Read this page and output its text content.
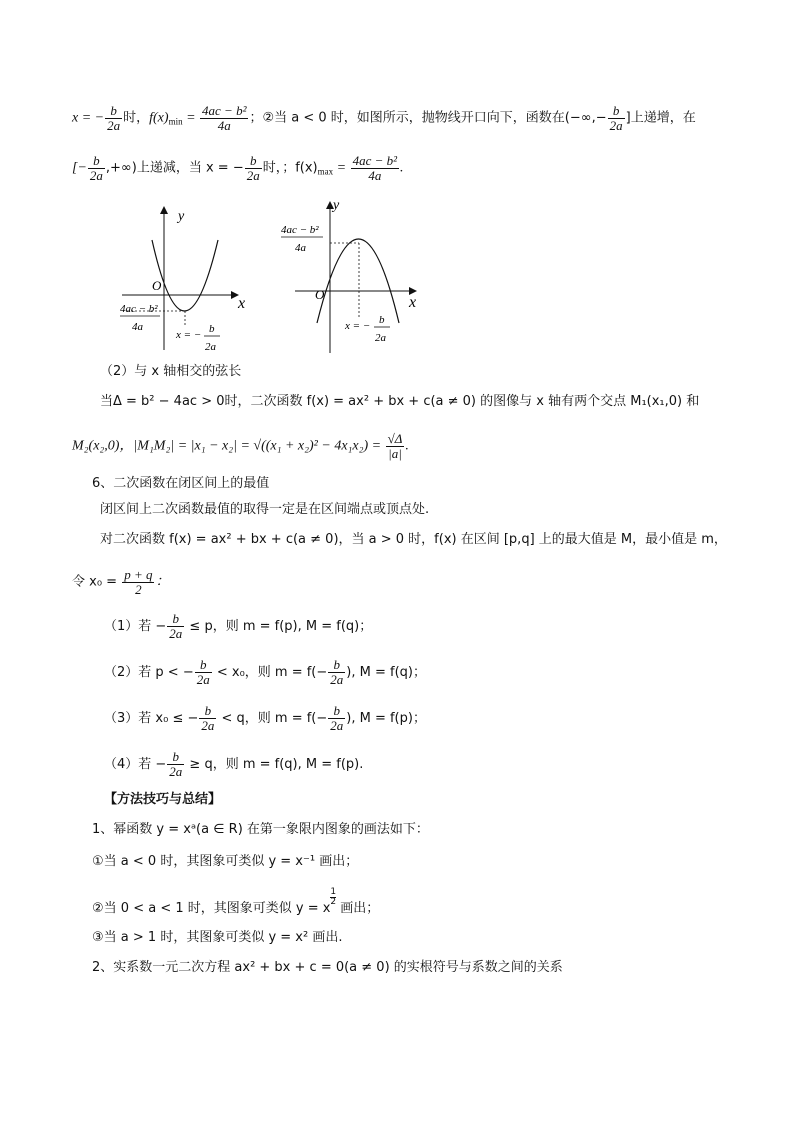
x = − $\frac{b}{2a}$ 时，$f(x)_{min} = \frac{\text{4ac − b²}}{4a}$ ；②当 a < 0 时，如图所示，抛物线开口向下，函数在(−∞,− $\frac{b}{2a}$ ]上递增，在
[− $\frac{b}{2a}$ ,+∞)上递减，当 x = − $\frac{b}{2a}$ 时，；$f(x)_{max} = \frac{\text{4ac − b²}}{4a}$ .
y
x
O
4ac − b²
4a
x = − b
2a
y
x
O
4ac − b²
4a
x = − b
2a
（2）与 x 轴相交的弦长
当Δ = b² − 4ac > 0时，二次函数 f(x) = ax² + bx + c(a ≠ 0) 的图像与 x 轴有两个交点 M₁(x₁,0) 和
M₂(x₂,0)，$|M_1M_2| = |x_1 - x_2| = √((x_1 + x_2)^2 - 4x_1x_2) = \frac{√\Delta}{|a|}$ .
6、二次函数在闭区间上的最值
闭区间上二次函数最值的取得一定是在区间端点或顶点处.
对二次函数 f(x) = ax² + bx + c(a ≠ 0)，当 a > 0 时，f(x) 在区间 [p,q] 上的最大值是 M，最小值是 m，
令 $x_0 = \frac{p + q}{2}$ ：
（1）若 − $\frac{b}{2a} \le p$，则 m = f(p), M = f(q)；
（2）若 p < − $\frac{b}{2a} < x_0$，则 $m = f(- \frac{b}{2a}$ ), M = f(q)；
（3）若 x₀ ≤ − $\frac{b}{2a} < q$，则 $m = f(- \frac{b}{2a}$ ), M = f(p)；
（4）若 − $\frac{b}{2a} \ge q$，则 m = f(q), M = f(p).
【方法技巧与总结】
1、幂函数 y = xᵃ(a ∈ R) 在第一象限内图象的画法如下：
①当 a < 0 时，其图象可类似 y = x⁻¹ 画出；
②当 0 < a < 1 时，其图象可类似 y = x
$\frac{1}{2}$
画出；
③当 a > 1 时，其图象可类似 y = x² 画出.
2、实系数一元二次方程 ax² + bx + c = 0(a ≠ 0) 的实根符号与系数之间的关系
